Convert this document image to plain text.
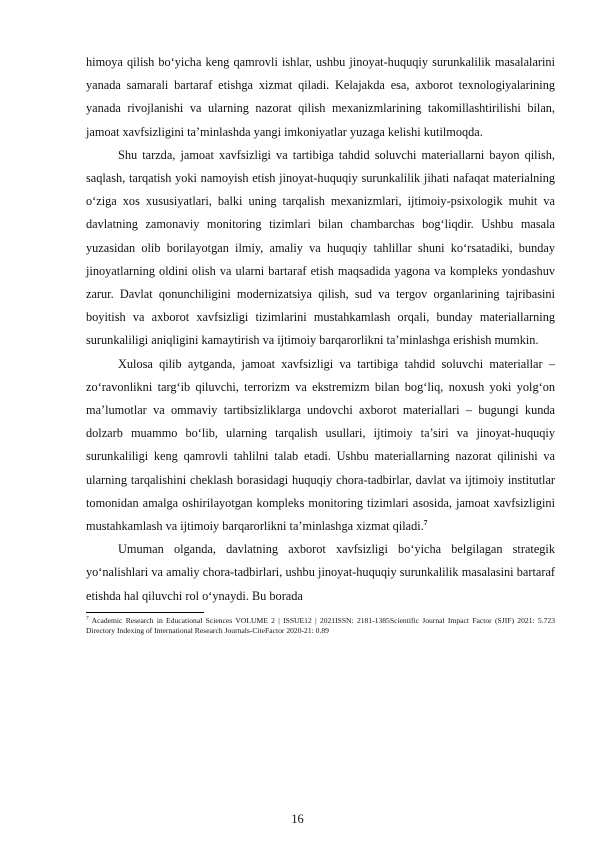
himoya qilish bo‘yicha keng qamrovli ishlar, ushbu jinoyat-huquqiy surunkalilik masalalarini yanada samarali bartaraf etishga xizmat qiladi. Kelajakda esa, axborot texnologiyalarining yanada rivojlanishi va ularning nazorat qilish mexanizmlarining takomillashtirilishi bilan, jamoat xavfsizligini ta’minlashda yangi imkoniyatlar yuzaga kelishi kutilmoqda.

Shu tarzda, jamoat xavfsizligi va tartibiga tahdid soluvchi materiallarni bayon qilish, saqlash, tarqatish yoki namoyish etish jinoyat-huquqiy surunkalilik jihati nafaqat materialning o‘ziga xos xususiyatlari, balki uning tarqalish mexanizmlari, ijtimoiy-psixologik muhit va davlatning zamonaviy monitoring tizimlari bilan chambarchas bog‘liqdir. Ushbu masala yuzasidan olib borilayotgan ilmiy, amaliy va huquqiy tahlillar shuni ko‘rsatadiki, bunday jinoyatlarning oldini olish va ularni bartaraf etish maqsadida yagona va kompleks yondashuv zarur. Davlat qonunchiligini modernizatsiya qilish, sud va tergov organlarining tajribasini boyitish va axborot xavfsizligi tizimlarini mustahkamlash orqali, bunday materiallarning surunkaliligi aniqligini kamaytirish va ijtimoiy barqarorlikni ta’minlashga erishish mumkin.

Xulosa qilib aytganda, jamoat xavfsizligi va tartibiga tahdid soluvchi materiallar – zo‘ravonlikni targ‘ib qiluvchi, terrorizm va ekstremizm bilan bog‘liq, noxush yoki yolg‘on ma’lumotlar va ommaviy tartibsizliklarga undovchi axborot materiallari – bugungi kunda dolzarb muammo bo‘lib, ularning tarqalish usullari, ijtimoiy ta’siri va jinoyat-huquqiy surunkaliligi keng qamrovli tahlilni talab etadi. Ushbu materiallarning nazorat qilinishi va ularning tarqalishini cheklash borasidagi huquqiy chora-tadbirlar, davlat va ijtimoiy institutlar tomonidan amalga oshirilayotgan kompleks monitoring tizimlari asosida, jamoat xavfsizligini mustahkamlash va ijtimoiy barqarorlikni ta’minlashga xizmat qiladi.$^7$

Umuman olganda, davlatning axborot xavfsizligi bo‘yicha belgilagan strategik yo‘nalishlari va amaliy chora-tadbirlari, ushbu jinoyat-huquqiy surunkalilik masalasini bartaraf etishda hal qiluvchi rol o‘ynaydi. Bu borada

$^7$ Academic Research in Educational Sciences VOLUME 2 | ISSUE12 | 2021ISSN: 2181-1385Scientific Journal Impact Factor (SJIF) 2021: 5.723 Directory Indexing of International Research Journals-CiteFactor 2020-21: 0.89

16
